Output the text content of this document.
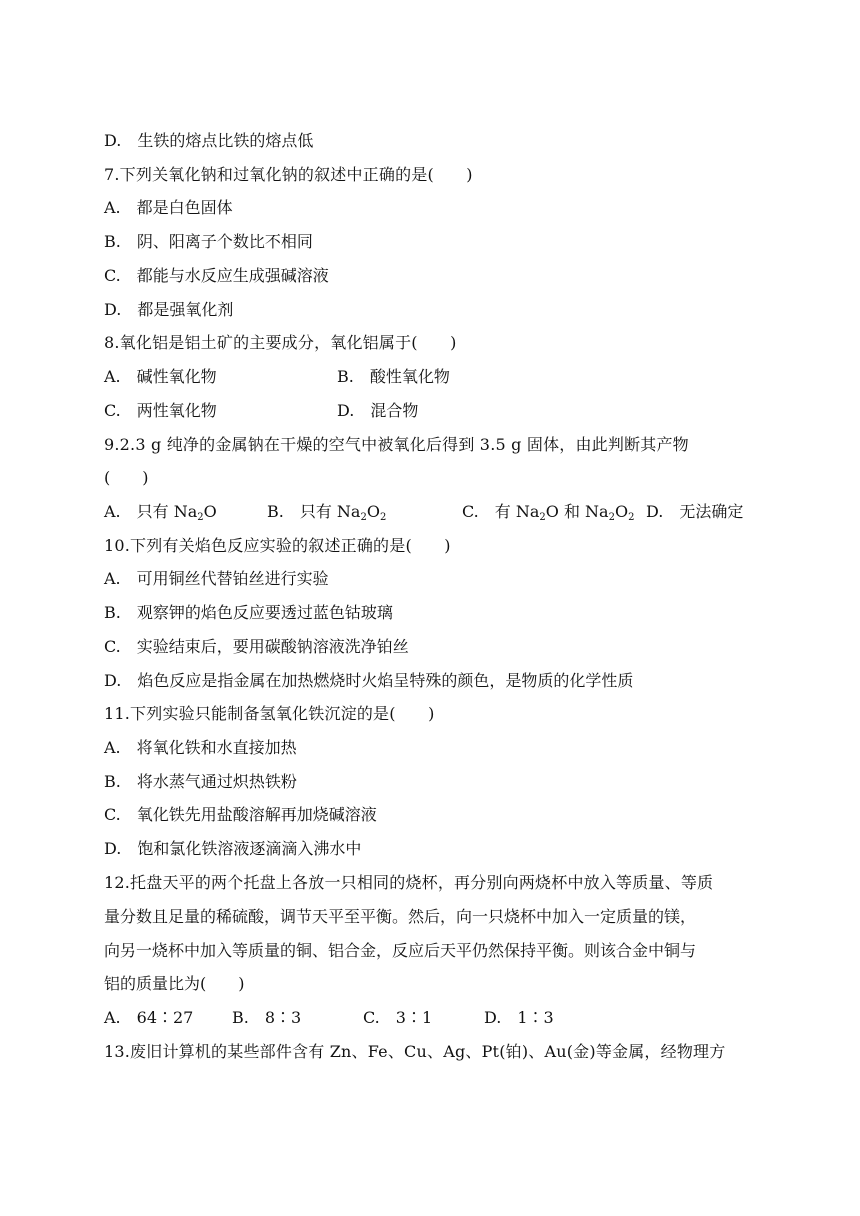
D.　生铁的熔点比铁的熔点低
7.下列关氧化钠和过氧化钠的叙述中正确的是(　　)
A.　都是白色固体
B.　阴、阳离子个数比不相同
C.　都能与水反应生成强碱溶液
D.　都是强氧化剂
8.氧化铝是铝土矿的主要成分，氧化铝属于(　　)

A.　碱性氧化物

	B.　酸性氧化物

C.　两性氧化物

	D.　混合物

9.2.3 g 纯净的金属钠在干燥的空气中被氧化后得到 3.5 g 固体，由此判断其产物
(　　)

A.　只有 $Na_2O$

	B.　只有 $Na_2O_2$

	C.　有 $Na_2O$ 和 $Na_2O_2$

D.　无法确定

10.下列有关焰色反应实验的叙述正确的是(　　)
A.　可用铜丝代替铂丝进行实验
B.　观察钾的焰色反应要透过蓝色钴玻璃
C.　实验结束后，要用碳酸钠溶液洗净铂丝
D.　焰色反应是指金属在加热燃烧时火焰呈特殊的颜色，是物质的化学性质
11.下列实验只能制备氢氧化铁沉淀的是(　　)
A.　将氧化铁和水直接加热
B.　将水蒸气通过炽热铁粉
C.　氧化铁先用盐酸溶解再加烧碱溶液
D.　饱和氯化铁溶液逐滴滴入沸水中
12.托盘天平的两个托盘上各放一只相同的烧杯，再分别向两烧杯中放入等质量、等质
量分数且足量的稀硫酸，调节天平至平衡。然后，向一只烧杯中加入一定质量的镁，
向另一烧杯中加入等质量的铜、铝合金，反应后天平仍然保持平衡。则该合金中铜与
铝的质量比为(　　)

A.　64∶27

B.　8∶3

	C.　3∶1

	D.　1∶3

13.废旧计算机的某些部件含有 Zn、Fe、Cu、Ag、Pt(铂)、Au(金)等金属，经物理方
